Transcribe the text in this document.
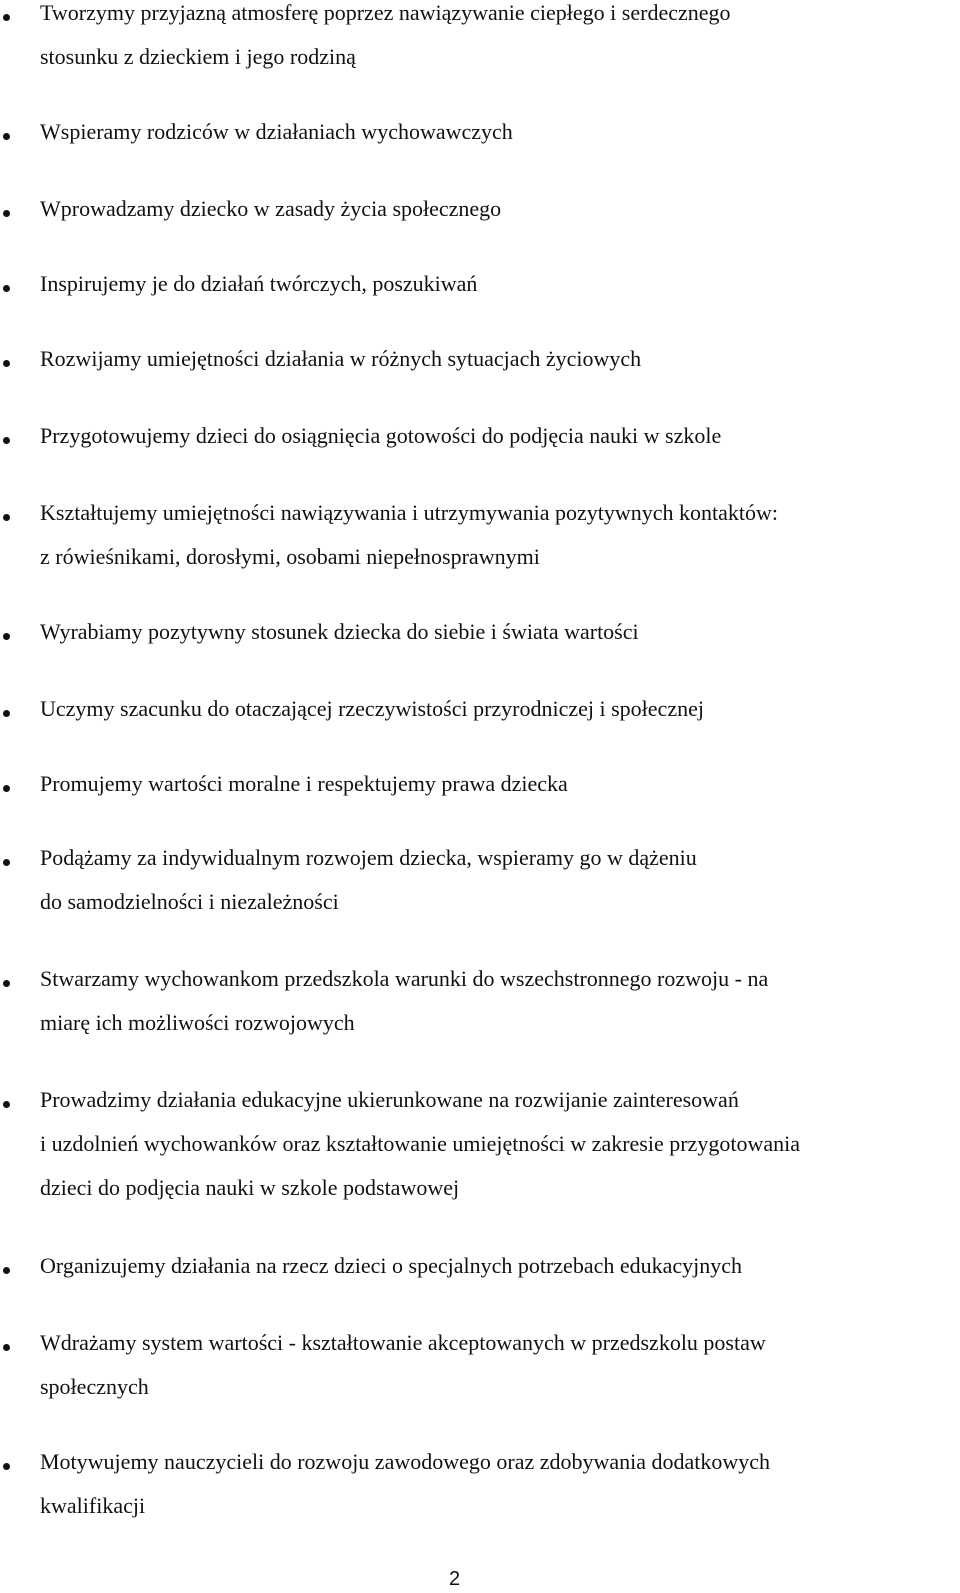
Tworzymy przyjazną atmosferę poprzez nawiązywanie ciepłego i serdecznego
stosunku z dzieckiem i jego rodziną
Wspieramy rodziców w działaniach wychowawczych
Wprowadzamy dziecko w zasady życia społecznego
Inspirujemy je do działań twórczych, poszukiwań
Rozwijamy umiejętności działania w różnych sytuacjach życiowych
Przygotowujemy dzieci do osiągnięcia gotowości do podjęcia nauki w szkole
Kształtujemy umiejętności nawiązywania i utrzymywania pozytywnych kontaktów:
z rówieśnikami, dorosłymi, osobami niepełnosprawnymi
Wyrabiamy pozytywny stosunek dziecka do siebie i świata wartości
Uczymy szacunku do otaczającej rzeczywistości przyrodniczej i społecznej
Promujemy wartości moralne i respektujemy prawa dziecka
Podążamy za indywidualnym rozwojem dziecka, wspieramy go w dążeniu
do samodzielności i niezależności
Stwarzamy wychowankom przedszkola warunki do wszechstronnego rozwoju - na
miarę ich możliwości rozwojowych
Prowadzimy działania edukacyjne ukierunkowane na rozwijanie zainteresowań
i uzdolnień wychowanków oraz kształtowanie umiejętności w zakresie przygotowania
dzieci do podjęcia nauki w szkole podstawowej
Organizujemy działania na rzecz dzieci o specjalnych potrzebach edukacyjnych
Wdrażamy system wartości - kształtowanie akceptowanych w przedszkolu postaw
społecznych
Motywujemy nauczycieli do rozwoju zawodowego oraz zdobywania dodatkowych
kwalifikacji
2
